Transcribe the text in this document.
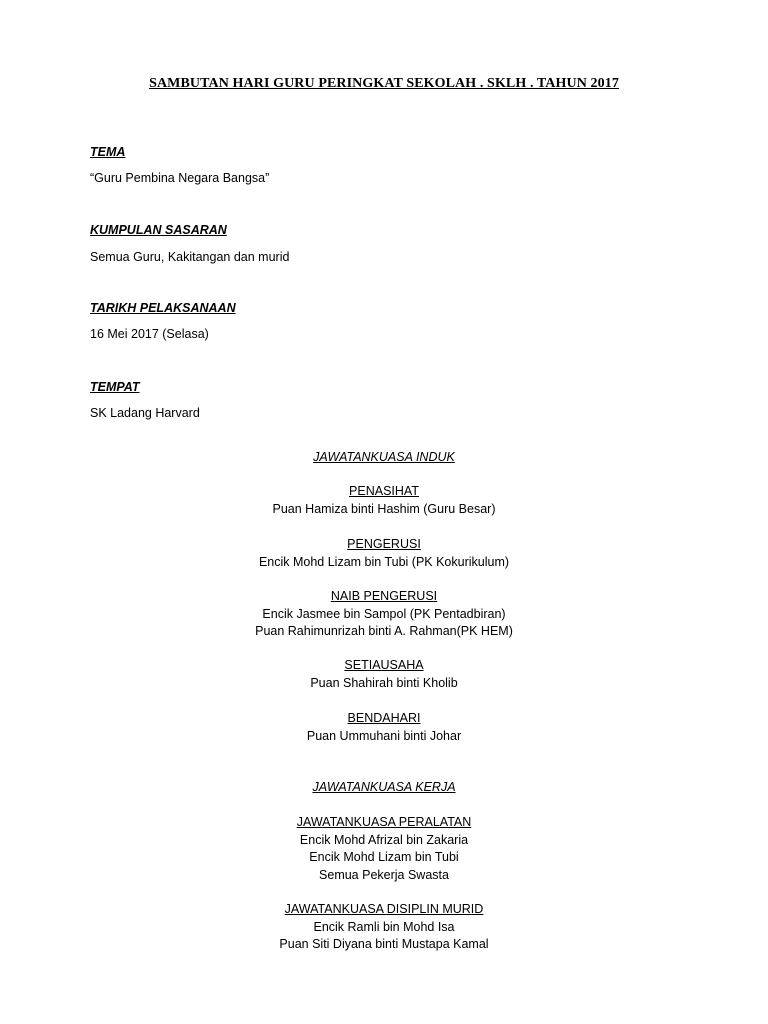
SAMBUTAN HARI GURU PERINGKAT SEKOLAH . SKLH . TAHUN 2017
TEMA
“Guru Pembina Negara Bangsa”
KUMPULAN SASARAN
Semua Guru, Kakitangan dan murid
TARIKH PELAKSANAAN
16 Mei 2017 (Selasa)
TEMPAT
SK Ladang Harvard
JAWATANKUASA INDUK
PENASIHAT
Puan Hamiza binti Hashim (Guru Besar)
PENGERUSI
Encik Mohd Lizam bin Tubi (PK Kokurikulum)
NAIB PENGERUSI
Encik Jasmee bin Sampol (PK Pentadbiran)
Puan Rahimunrizah binti A. Rahman(PK HEM)
SETIAUSAHA
Puan Shahirah binti Kholib
BENDAHARI
Puan Ummuhani binti Johar
JAWATANKUASA KERJA
JAWATANKUASA PERALATAN
Encik Mohd Afrizal bin Zakaria
Encik Mohd Lizam bin Tubi
Semua Pekerja Swasta
JAWATANKUASA DISIPLIN MURID
Encik Ramli bin Mohd Isa
Puan Siti Diyana binti Mustapa Kamal
